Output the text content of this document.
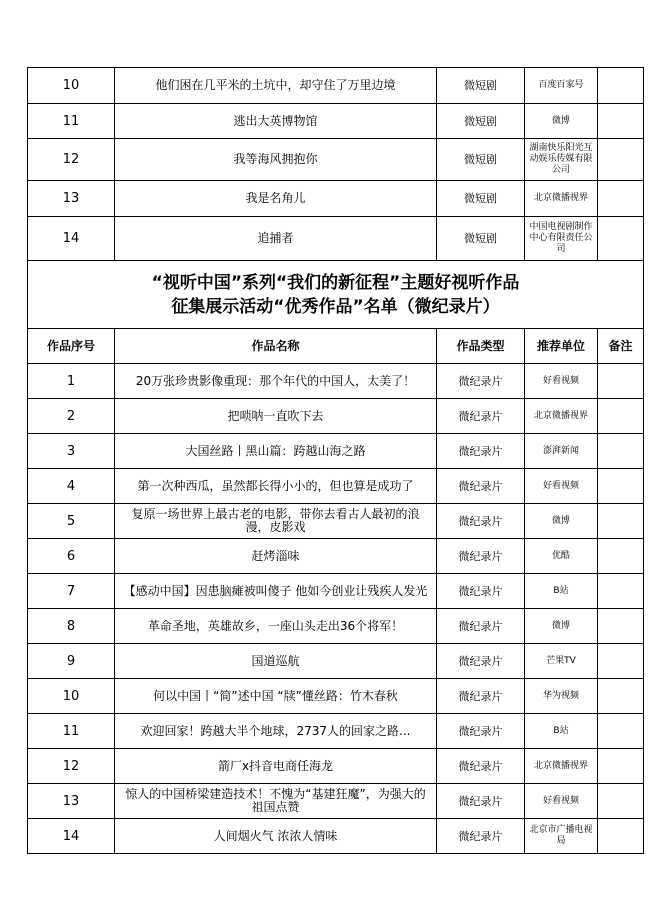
10	他们困在几平米的土坑中，却守住了万里边境	微短剧	百度百家号	
11	逃出大英博物馆	微短剧	微博	
12	我等海风拥抱你	微短剧	湖南快乐阳光互动娱乐传媒有限公司	
13	我是名角儿	微短剧	北京微播视界	
14	追捕者	微短剧	中国电视剧制作中心有限责任公司	

“视听中国”系列“我们的新征程”主题好视听作品
征集展示活动“优秀作品”名单（微纪录片）				

作品序号	作品名称	作品类型	推荐单位	备注
1	20万张珍贵影像重现：那个年代的中国人，太美了！	微纪录片	好看视频	
2	把唢呐一直吹下去	微纪录片	北京微播视界	
3	大国丝路丨黑山篇：跨越山海之路	微纪录片	澎湃新闻	
4	第一次种西瓜，虽然都长得小小的，但也算是成功了	微纪录片	好看视频	
5	复原一场世界上最古老的电影，带你去看古人最初的浪漫，皮影戏	微纪录片	微博	
6	赶烤淄味	微纪录片	优酷	
7	【感动中国】因患脑瘫被叫傻子 他如今创业让残疾人发光	微纪录片	B站	
8	革命圣地，英雄故乡，一座山头走出36个将军！	微纪录片	微博	
9	国道巡航	微纪录片	芒果TV	
10	何以中国丨“简”述中国 “牍”懂丝路：竹木春秋	微纪录片	华为视频	
11	欢迎回家！跨越大半个地球，2737人的回家之路...	微纪录片	B站	
12	箭厂x抖音电商任海龙	微纪录片	北京微播视界	
13	惊人的中国桥梁建造技术！不愧为“基建狂魔”，为强大的祖国点赞	微纪录片	好看视频	
14	人间烟火气 浓浓人情味	微纪录片	北京市广播电视局	
